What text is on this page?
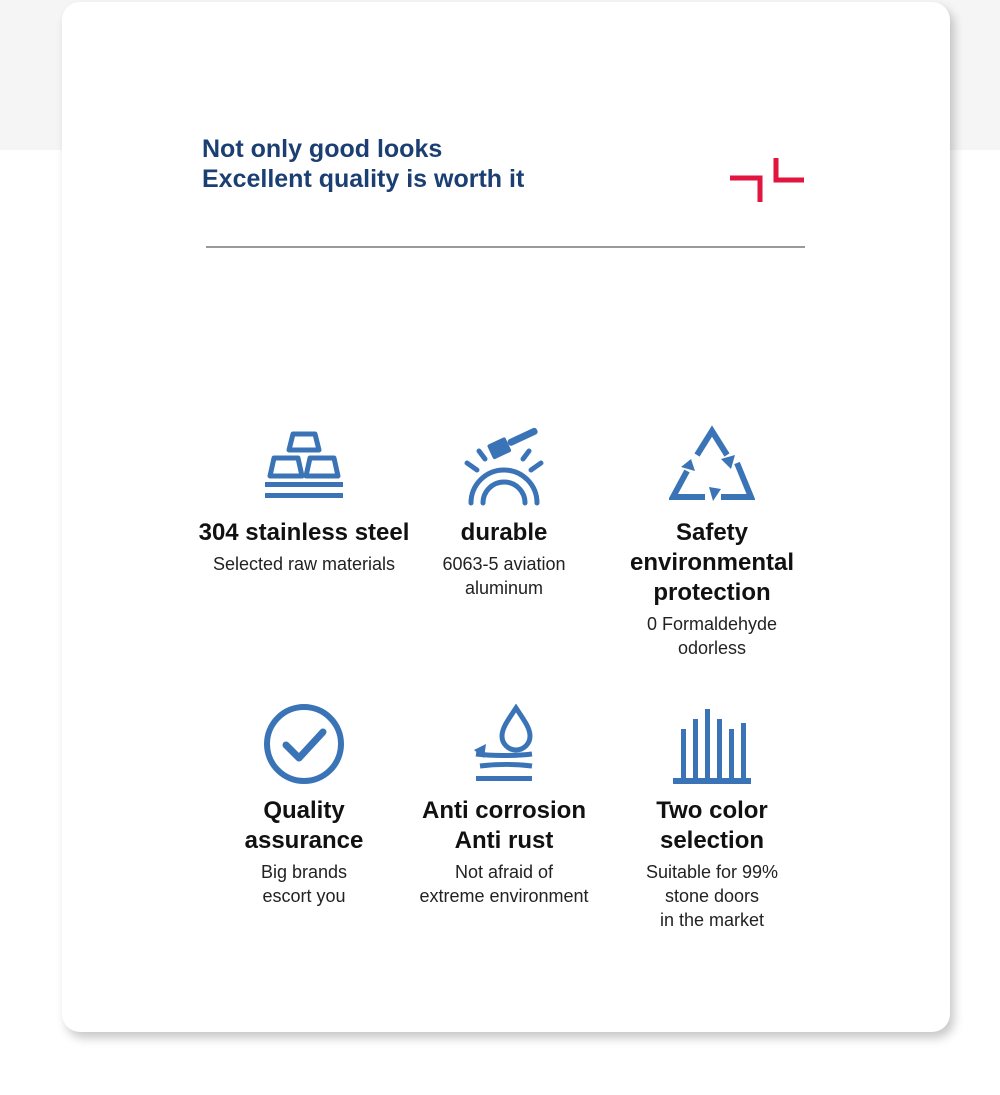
Not only good looks
Excellent quality is worth it
304 stainless steel
Selected raw materials
durable
6063-5 aviation
aluminum
Safety
environmental
protection
0 Formaldehyde
odorless
Quality
assurance
Big brands
escort you
Anti corrosion
Anti rust
Not afraid of
extreme environment
Two color
selection
Suitable for 99%
stone doors
in the market
